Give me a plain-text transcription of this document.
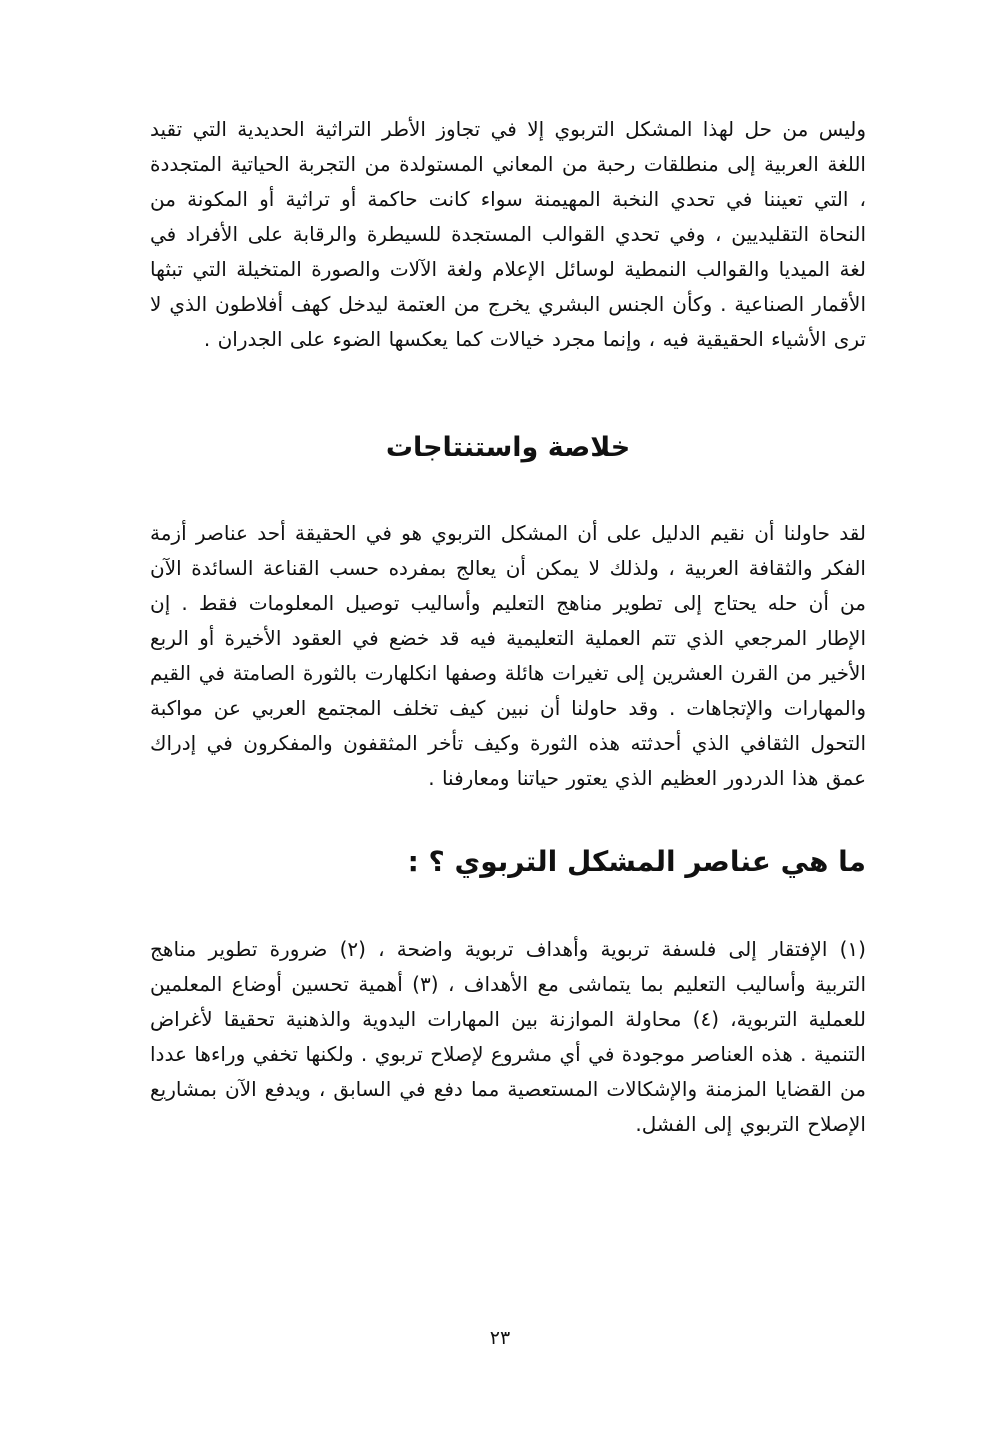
وليس من حل لهذا المشكل التربوي إلا في تجاوز الأطر التراثية الحديدية التي تقيد اللغة العربية إلى منطلقات رحبة من المعاني المستولدة من التجربة الحياتية المتجددة ، التي تعيننا في تحدي النخبة المهيمنة سواء كانت حاكمة أو تراثية أو المكونة من النحاة التقليديين ، وفي تحدي القوالب المستجدة للسيطرة والرقابة على الأفراد في لغة الميديا والقوالب النمطية لوسائل الإعلام ولغة الآلات والصورة المتخيلة التي تبثها الأقمار الصناعية . وكأن الجنس البشري يخرج من العتمة ليدخل كهف أفلاطون الذي لا ترى الأشياء الحقيقية فيه ، وإنما مجرد خيالات كما يعكسها الضوء على الجدران .

خلاصة واستنتاجات

لقد حاولنا أن نقيم الدليل على أن المشكل التربوي هو في الحقيقة أحد عناصر أزمة الفكر والثقافة العربية ، ولذلك لا يمكن أن يعالج بمفرده حسب القناعة السائدة الآن من أن حله يحتاج إلى تطوير مناهج التعليم وأساليب توصيل المعلومات فقط . إن الإطار المرجعي الذي تتم العملية التعليمية فيه قد خضع في العقود الأخيرة أو الربع الأخير من القرن العشرين إلى تغيرات هائلة وصفها انكلهارت بالثورة الصامتة في القيم والمهارات والإتجاهات . وقد حاولنا أن نبين كيف تخلف المجتمع العربي عن مواكبة التحول الثقافي الذي أحدثته هذه الثورة وكيف تأخر المثقفون والمفكرون في إدراك عمق هذا الدردور العظيم الذي يعتور حياتنا ومعارفنا .

ما هي عناصر المشكل التربوي ؟ :

(١) الإفتقار إلى فلسفة تربوية وأهداف تربوية واضحة ، (٢) ضرورة تطوير مناهج التربية وأساليب التعليم بما يتماشى مع الأهداف ، (٣) أهمية تحسين أوضاع المعلمين للعملية التربوية، (٤) محاولة الموازنة بين المهارات اليدوية والذهنية تحقيقا لأغراض التنمية . هذه العناصر موجودة في أي مشروع لإصلاح تربوي . ولكنها تخفي وراءها عددا من القضايا المزمنة والإشكالات المستعصية مما دفع في السابق ، ويدفع الآن بمشاريع الإصلاح التربوي إلى الفشل.

٢٣
